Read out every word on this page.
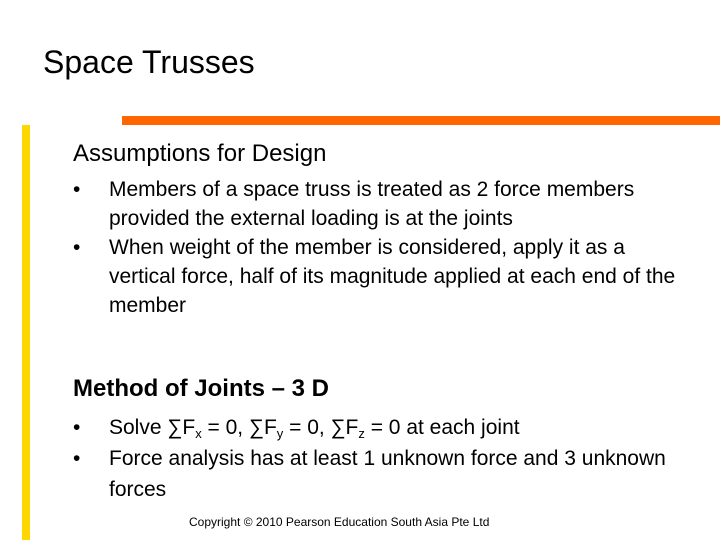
Space Trusses
Assumptions for Design
•	Members of a space truss is treated as 2 force members provided the external loading is at the joints
•	When weight of the member is considered, apply it as a vertical force, half of its magnitude applied at each end of the member
Method of Joints – 3 D
•	Solve $\sum F_x = 0$, $\sum F_y = 0$, $\sum F_z = 0$ at each joint
•	Force analysis has at least 1 unknown force and 3 unknown forces
Copyright © 2010 Pearson Education South Asia Pte Ltd
